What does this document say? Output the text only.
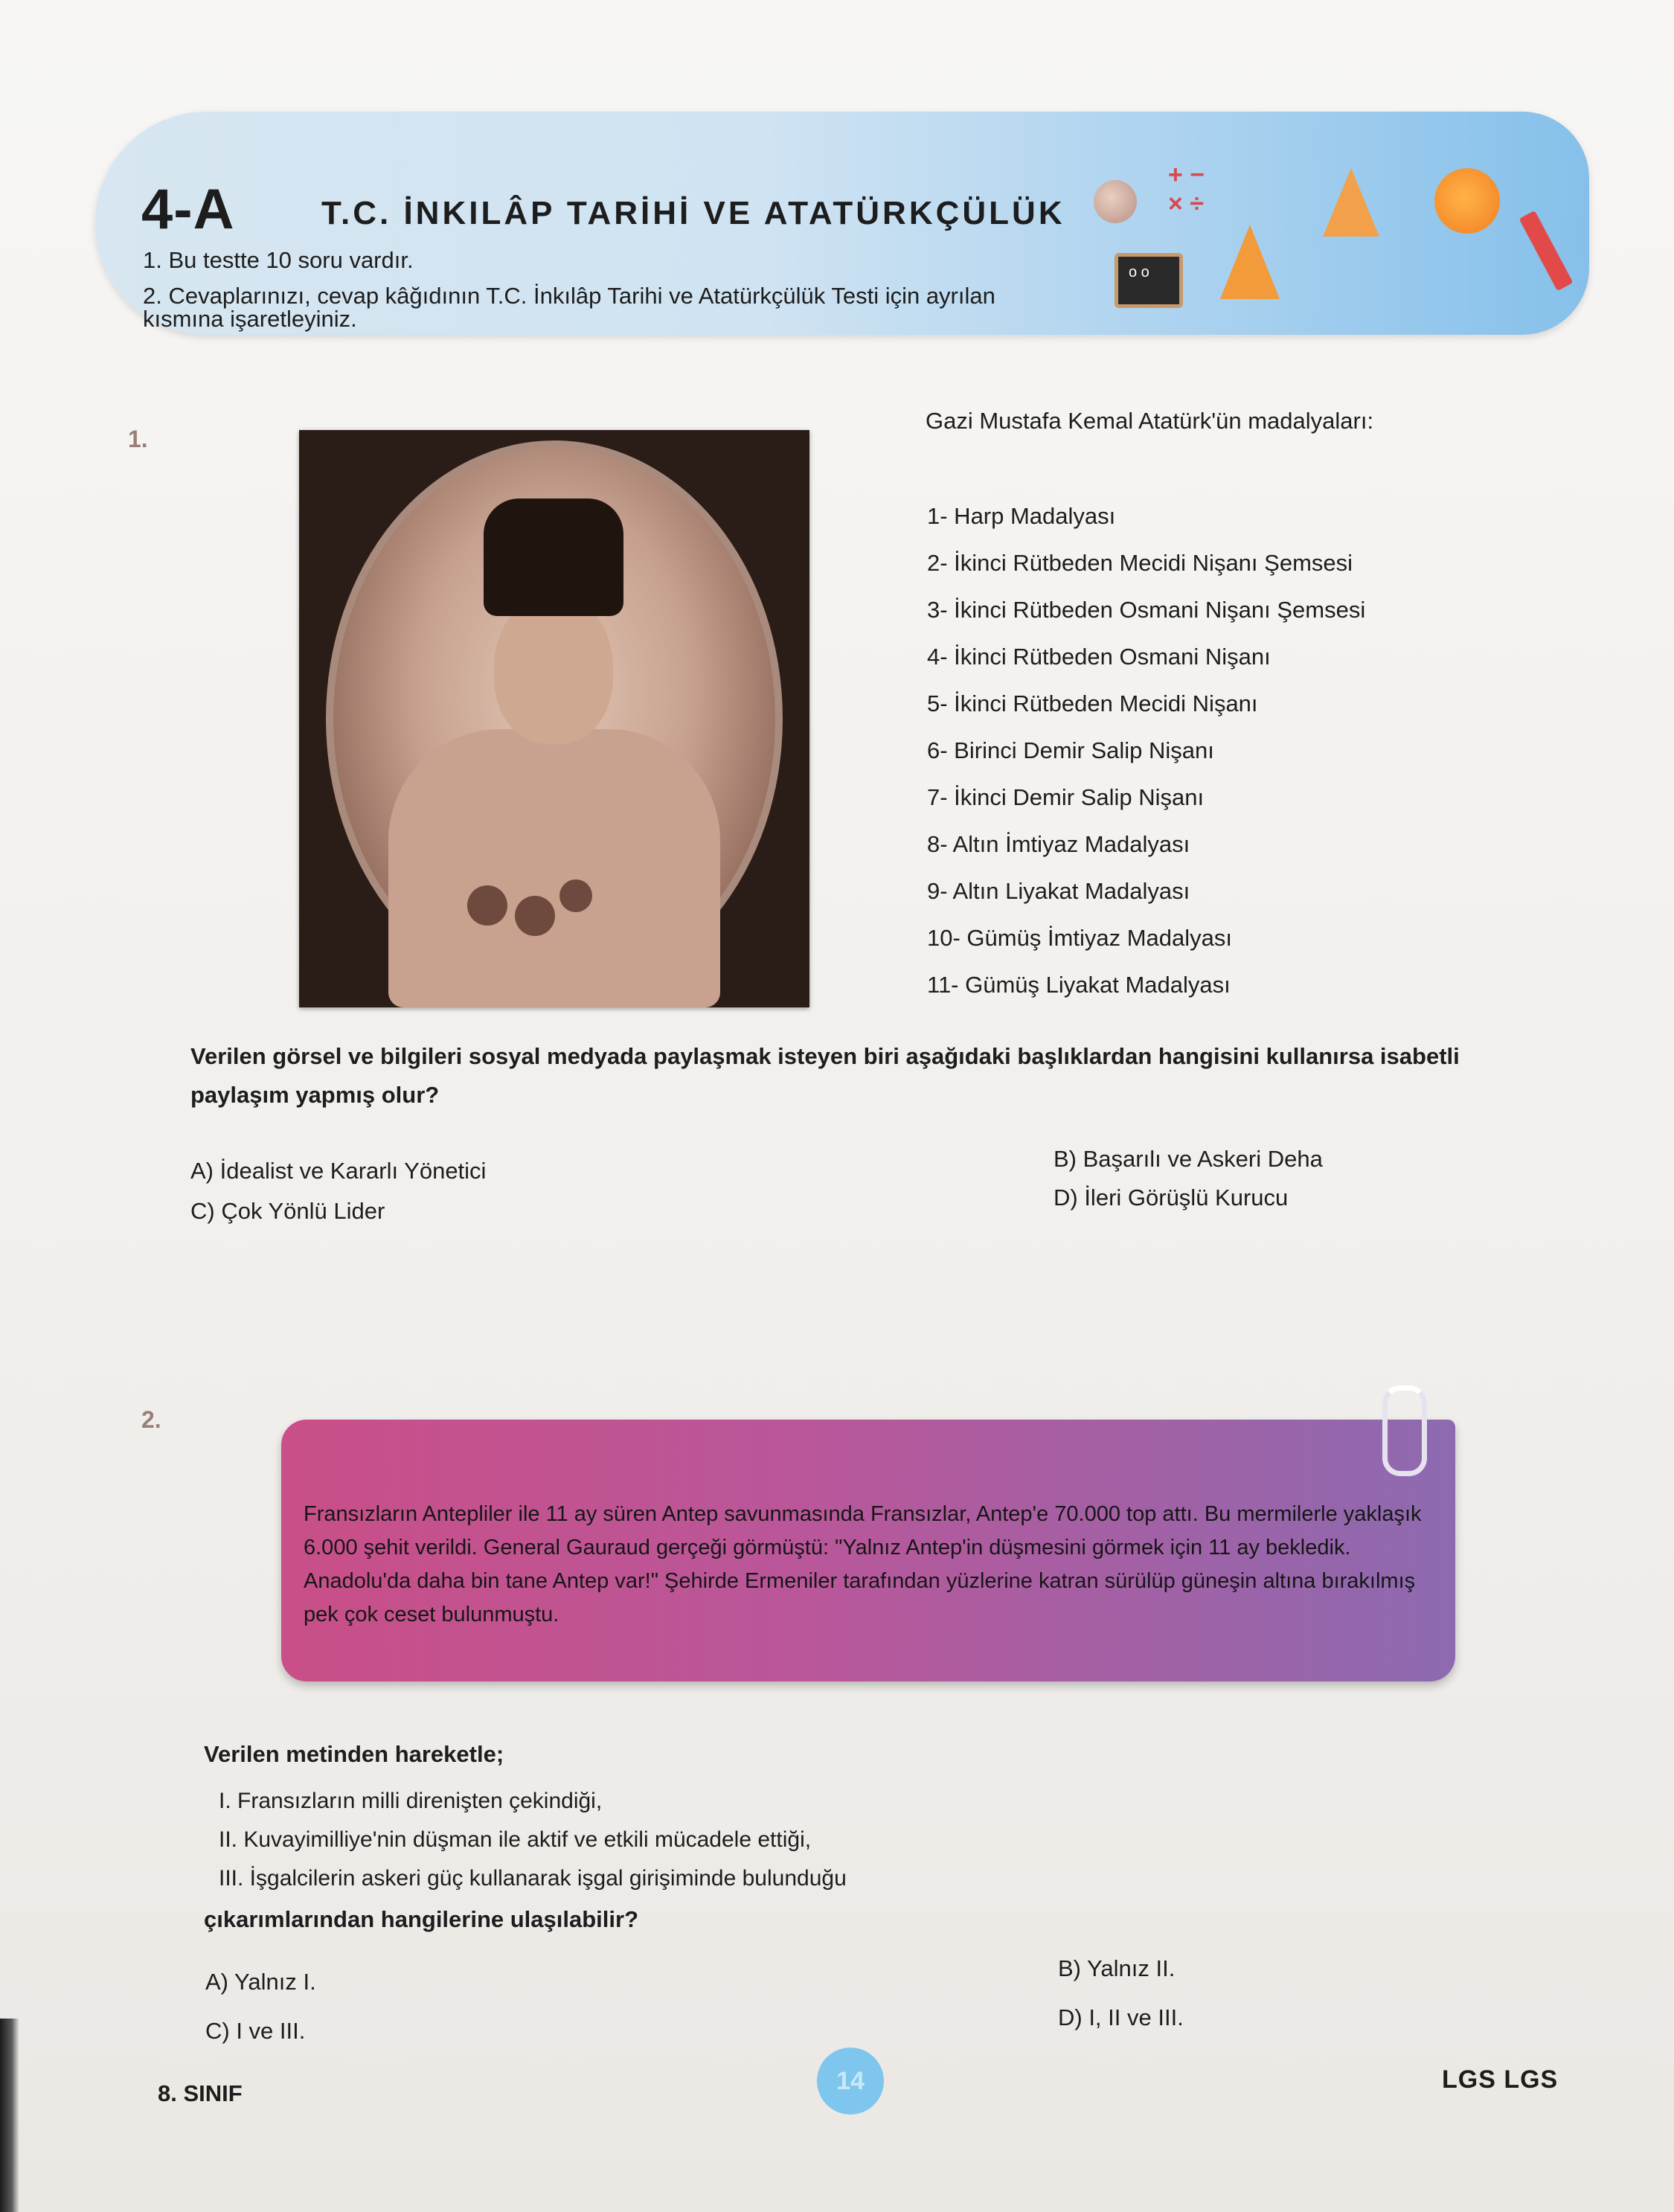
4-A	T.C. İNKILÂP TARİHİ VE ATATÜRKÇÜLÜK
1. Bu testte 10 soru vardır.
2. Cevaplarınızı, cevap kâğıdının T.C. İnkılâp Tarihi ve Atatürkçülük Testi için ayrılan kısmına işaretleyiniz.
+ −
× ÷
o o
1.
Gazi Mustafa Kemal Atatürk'ün madalyaları:
1- Harp Madalyası
2- İkinci Rütbeden Mecidi Nişanı Şemsesi
3- İkinci Rütbeden Osmani Nişanı Şemsesi
4- İkinci Rütbeden Osmani Nişanı
5- İkinci Rütbeden Mecidi Nişanı
6- Birinci Demir Salip Nişanı
7- İkinci Demir Salip Nişanı
8- Altın İmtiyaz Madalyası
9- Altın Liyakat Madalyası
10- Gümüş İmtiyaz Madalyası
11- Gümüş Liyakat Madalyası
Verilen görsel ve bilgileri sosyal medyada paylaşmak isteyen biri aşağıdaki başlıklardan hangisini kullanırsa isabetli paylaşım yapmış olur?
A) İdealist ve Kararlı Yönetici	B) Başarılı ve Askeri Deha
C) Çok Yönlü Lider
D) İleri Görüşlü Kurucu
2.
Fransızların Antepliler ile 11 ay süren Antep savunmasında Fransızlar, Antep'e 70.000 top attı. Bu mermilerle yaklaşık 6.000 şehit verildi. General Gauraud gerçeği görmüştü: "Yalnız Antep'in düşmesini görmek için 11 ay bekledik. Anadolu'da daha bin tane Antep var!" Şehirde Ermeniler tarafından yüzlerine katran sürülüp güneşin altına bırakılmış pek çok ceset bulunmuştu.
Verilen metinden hareketle;
I. Fransızların milli direnişten çekindiği,
II. Kuvayimilliye'nin düşman ile aktif ve etkili mücadele ettiği,
III. İşgalcilerin askeri güç kullanarak işgal girişiminde bulunduğu
çıkarımlarından hangilerine ulaşılabilir?
A) Yalnız I.
B) Yalnız II.
C) I ve III.
D) I, II ve III.
8. SINIF	14	LGS LGS
